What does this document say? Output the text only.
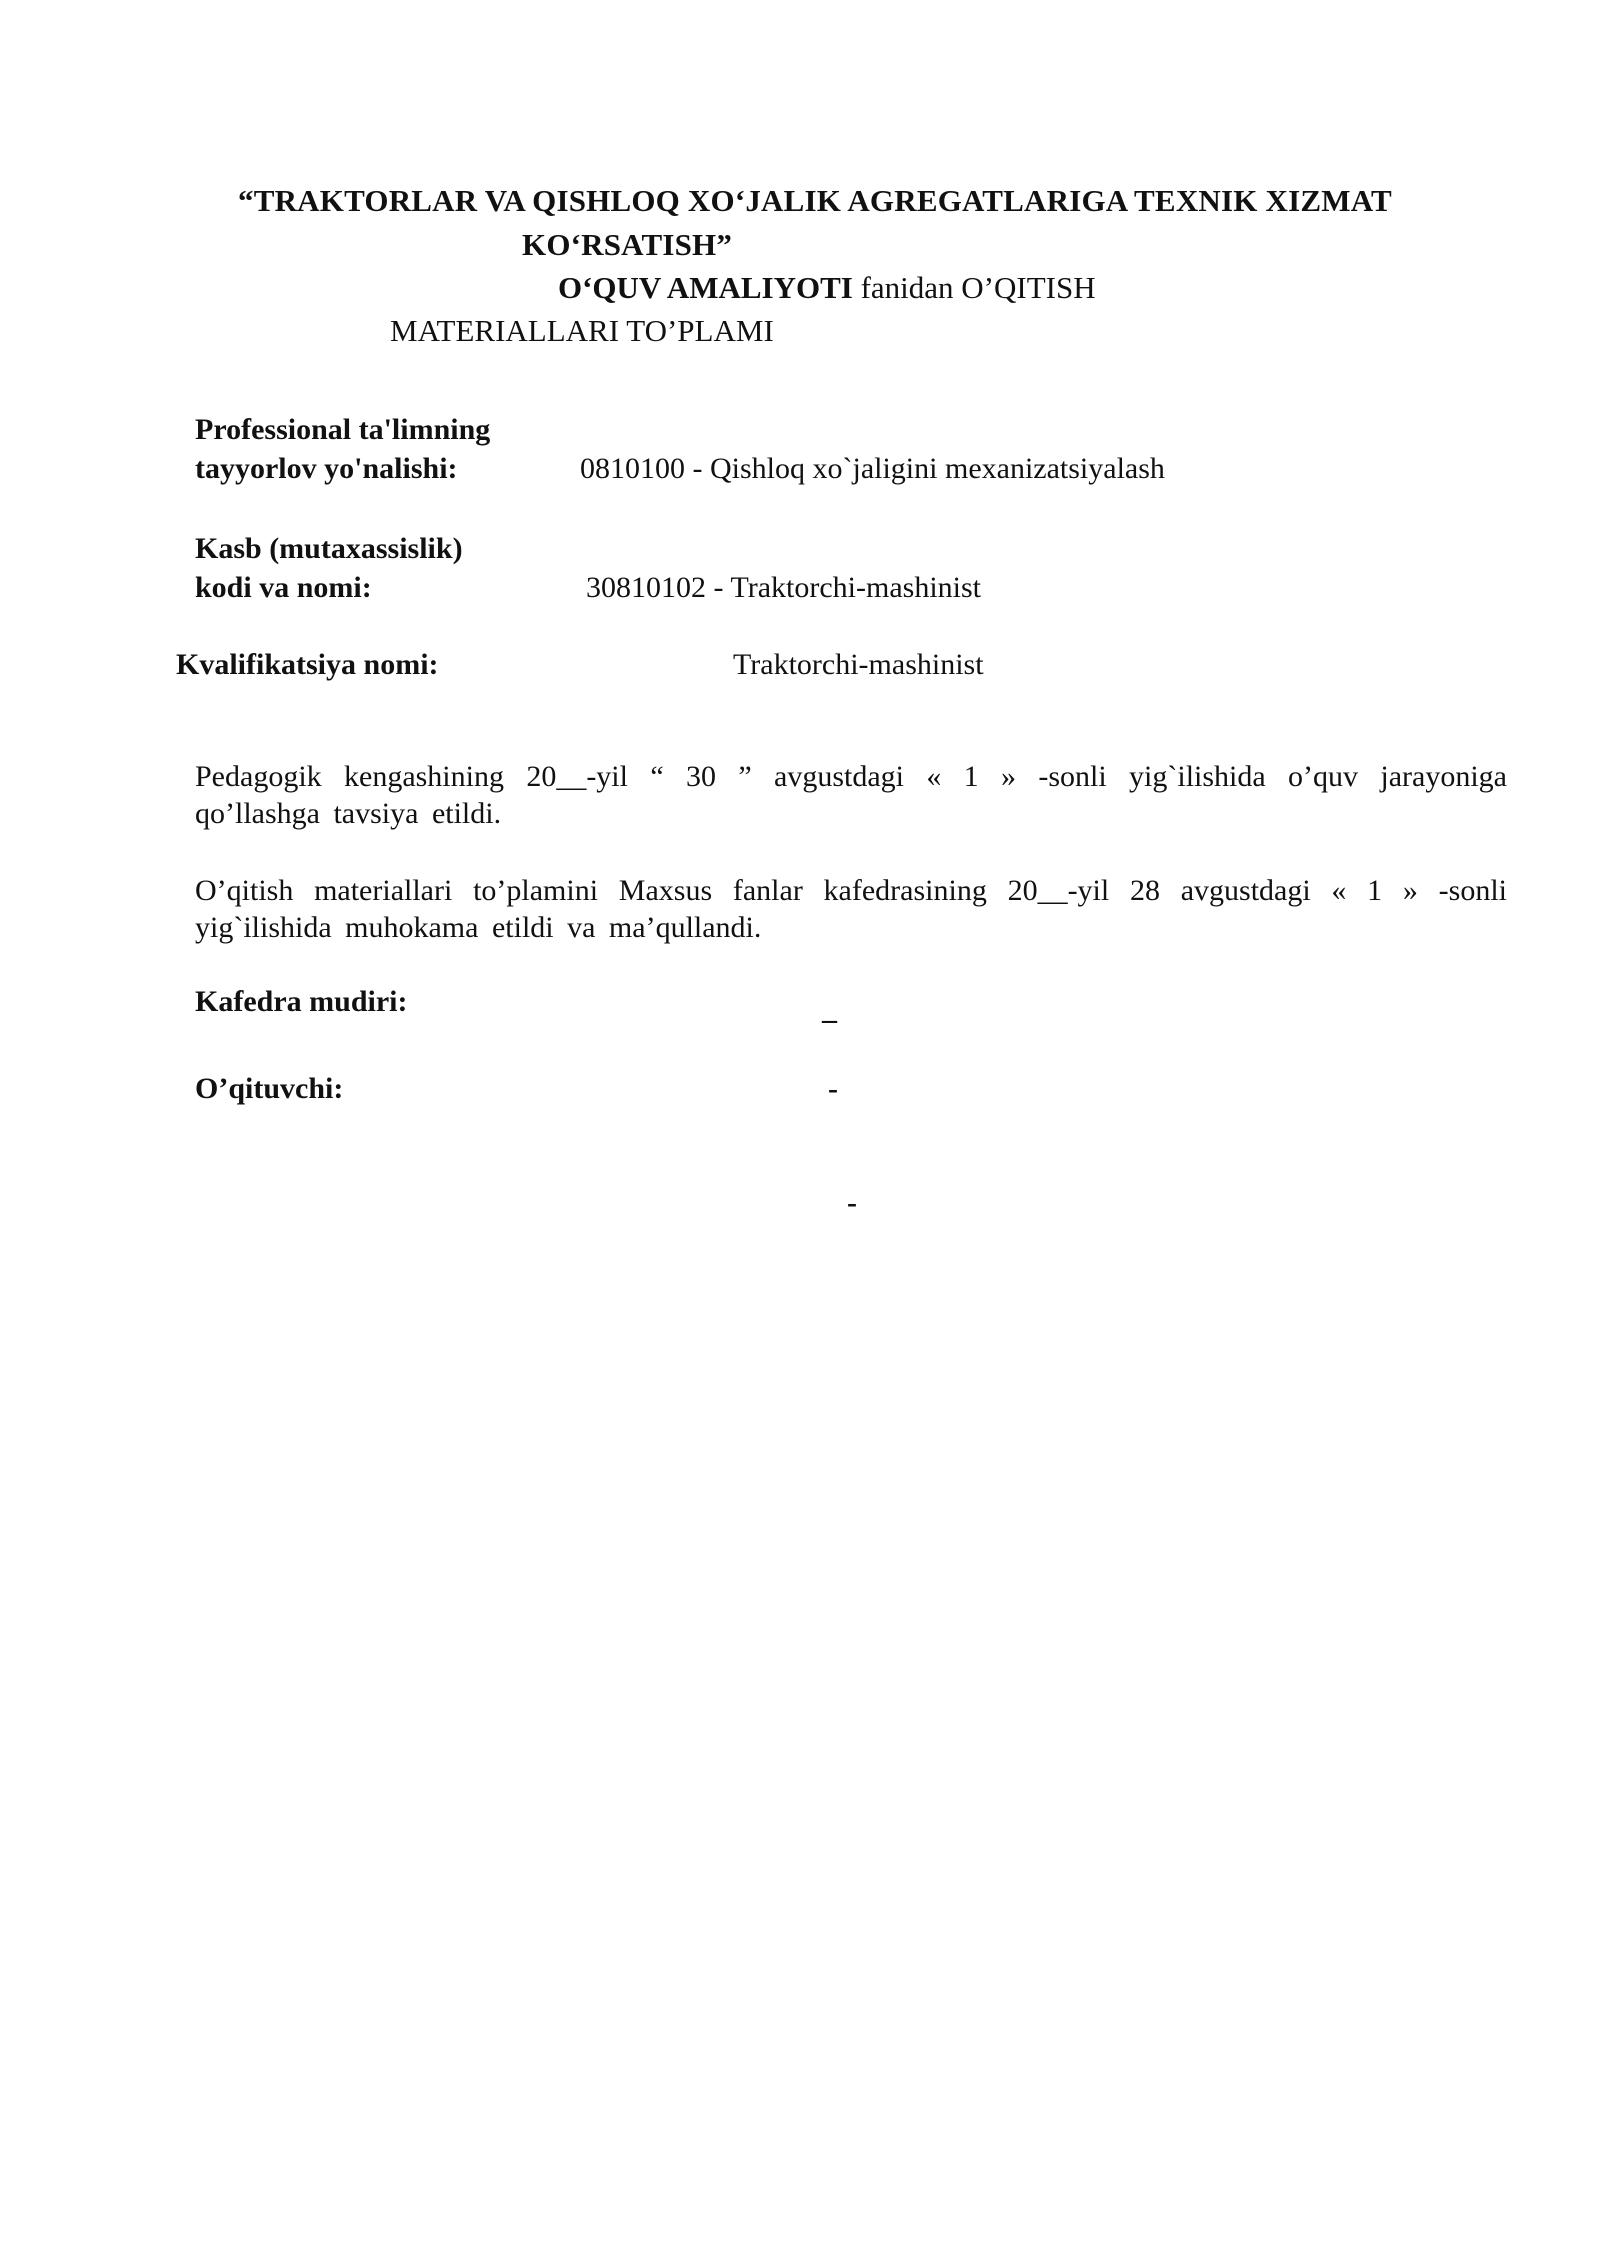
“TRAKTORLAR VA QISHLOQ XO‘JALIK AGREGATLARIGA TEXNIK XIZMAT
KO‘RSATISH”
O‘QUV AMALIYOTI fanidan O’QITISH
MATERIALLARI TO’PLAMI
Professional ta'limning
tayyorlov yo'nalishi:	0810100 - Qishloq xo`jaligini mexanizatsiyalash
Kasb (mutaxassislik)
kodi va nomi:	30810102 - Traktorchi-mashinist
Kvalifikatsiya nomi:	Traktorchi-mashinist
Pedagogik kengashining 20__-yil “ 30 ” avgustdagi « 1 » -sonli yig`ilishida o’quv jarayoniga qo’llashga tavsiya etildi.
O’qitish materiallari to’plamini Maxsus fanlar kafedrasining 20__-yil 28 avgustdagi « 1 » -sonli yig`ilishida muhokama etildi va ma’qullandi.
Kafedra mudiri:	_
O’qituvchi:	-
-
